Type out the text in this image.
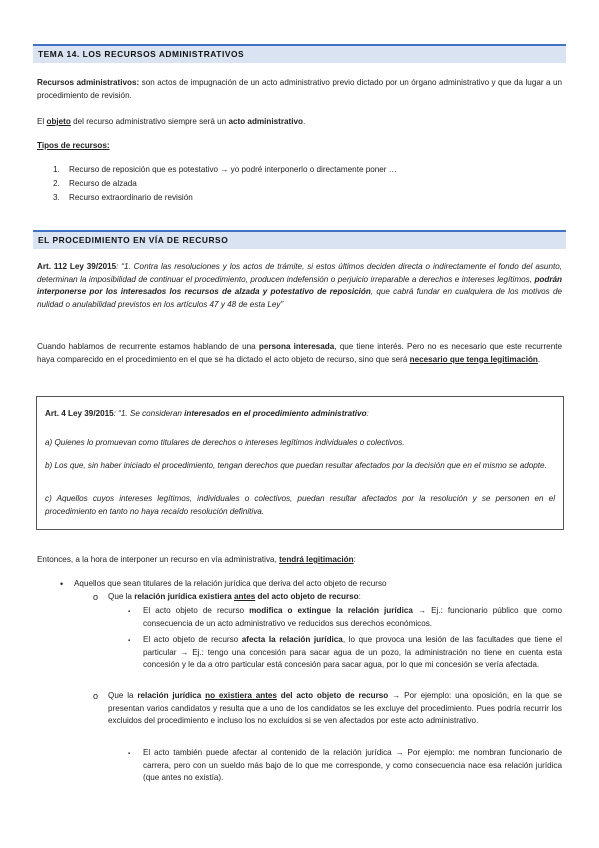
TEMA 14. LOS RECURSOS ADMINISTRATIVOS

Recursos administrativos: son actos de impugnación de un acto administrativo previo dictado por un órgano administrativo y que da lugar a un procedimiento de revisión.

El objeto del recurso administrativo siempre será un acto administrativo.

Tipos de recursos:

1. Recurso de reposición que es potestativo → yo podré interponerlo o directamente poner …
2. Recurso de alzada
3. Recurso extraordinario de revisión
EL PROCEDIMIENTO EN VÍA DE RECURSO

Art. 112 Ley 39/2015: “1. Contra las resoluciones y los actos de trámite, si estos últimos deciden directa o indirectamente el fondo del asunto, determinan la imposibilidad de continuar el procedimiento, producen indefensión o perjuicio irreparable a derechos e intereses legítimos, podrán interponerse por los interesados los recursos de alzada y potestativo de reposición, que cabrá fundar en cualquiera de los motivos de nulidad o anulabilidad previstos en los artículos 47 y 48 de esta Ley”

Cuando hablamos de recurrente estamos hablando de una persona interesada, que tiene interés. Pero no es necesario que este recurrente haya comparecido en el procedimiento en el que se ha dictado el acto objeto de recurso, sino que será necesario que tenga legitimación.

Art. 4 Ley 39/2015: “1. Se consideran interesados en el procedimiento administrativo:

a) Quienes lo promuevan como titulares de derechos o intereses legítimos individuales o colectivos.

b) Los que, sin haber iniciado el procedimiento, tengan derechos que puedan resultar afectados por la decisión que en el mismo se adopte.

c) Aquellos cuyos intereses legítimos, individuales o colectivos, puedan resultar afectados por la resolución y se personen en el procedimiento en tanto no haya recaído resolución definitiva.

Entonces, a la hora de interponer un recurso en vía administrativa, tendrá legitimación:

• Aquellos que sean titulares de la relación jurídica que deriva del acto objeto de recurso

o Que la relación jurídica existiera antes del acto objeto de recurso:

▪ El acto objeto de recurso modifica o extingue la relación jurídica → Ej.: funcionario público que como consecuencia de un acto administrativo ve reducidos sus derechos económicos.

▪ El acto objeto de recurso afecta la relación jurídica, lo que provoca una lesión de las facultades que tiene el particular → Ej.: tengo una concesión para sacar agua de un pozo, la administración no tiene en cuenta esta concesión y le da a otro particular está concesión para sacar agua, por lo que mi concesión se vería afectada.

o Que la relación jurídica no existiera antes del acto objeto de recurso → Por ejemplo: una oposición, en la que se presentan varios candidatos y resulta que a uno de los candidatos se les excluye del procedimiento. Pues podría recurrir los excluidos del procedimiento e incluso los no excluidos si se ven afectados por este acto administrativo.

▪ El acto también puede afectar al contenido de la relación jurídica → Por ejemplo: me nombran funcionario de carrera, pero con un sueldo más bajo de lo que me corresponde, y como consecuencia nace esa relación jurídica (que antes no existía).
